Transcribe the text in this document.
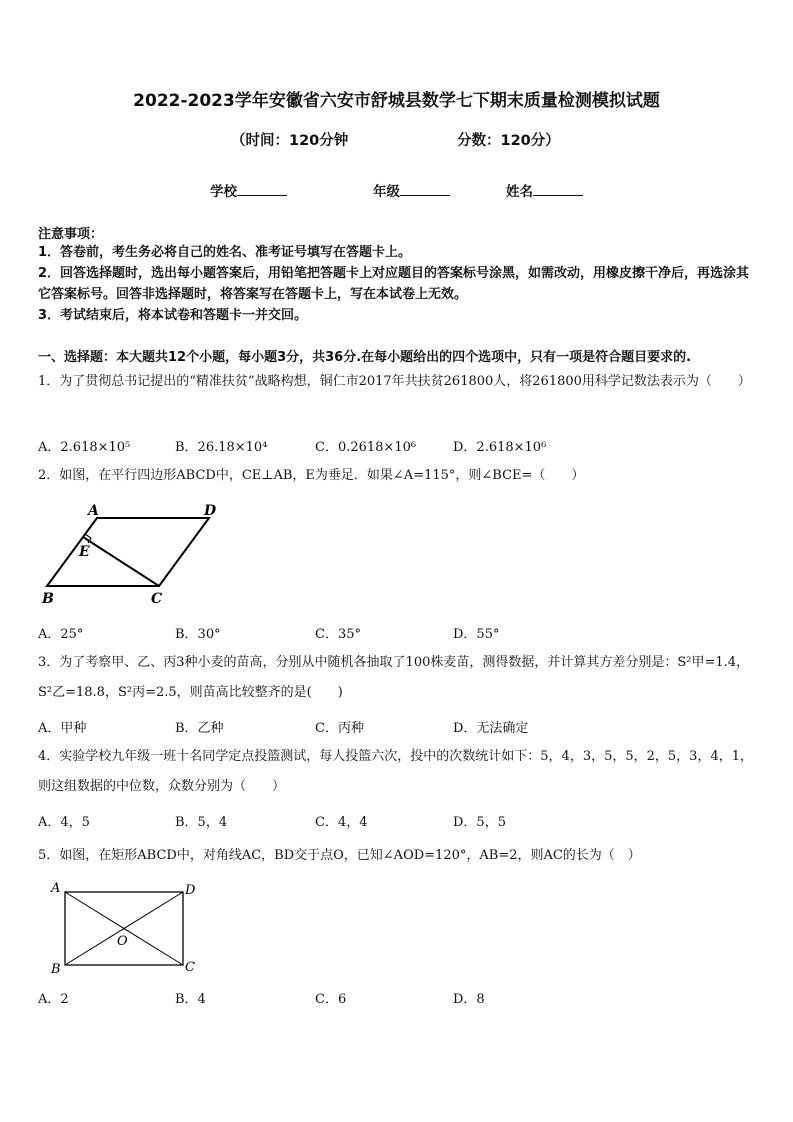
2022-2023学年安徽省六安市舒城县数学七下期末质量检测模拟试题
（时间：120分钟	分数：120分）
学校	年级	姓名
注意事项：
1．答卷前，考生务必将自己的姓名、准考证号填写在答题卡上。
2．回答选择题时，选出每小题答案后，用铅笔把答题卡上对应题目的答案标号涂黑，如需改动，用橡皮擦干净后，再选涂其它答案标号。回答非选择题时，将答案写在答题卡上，写在本试卷上无效。
3．考试结束后，将本试卷和答题卡一并交回。
一、选择题：本大题共12个小题，每小题3分，共36分.在每小题给出的四个选项中，只有一项是符合题目要求的.
1．为了贯彻总书记提出的“精准扶贫”战略构想，铜仁市2017年共扶贫261800人，将261800用科学记数法表示为（　　）
A．2.618×10⁵	B．26.18×10⁴	C．0.2618×10⁶	D．2.618×10⁶
2．如图，在平行四边形ABCD中，CE⊥AB，E为垂足．如果∠A=115°，则∠BCE=（　　）
A	D
E
B	C
A．25°	B．30°	C．35°	D．55°
3．为了考察甲、乙、丙3种小麦的苗高，分别从中随机各抽取了100株麦苗，测得数据，并计算其方差分别是：S²甲=1.4，S²乙=18.8，S²丙=2.5，则苗高比较整齐的是(　　)
A．甲种	B．乙种	C．丙种	D．无法确定
4．实验学校九年级一班十名同学定点投篮测试，每人投篮六次，投中的次数统计如下：5，4，3，5，5，2，5，3，4，1，则这组数据的中位数，众数分别为（　　）
A．4，5	B．5，4	C．4，4	D．5，5
5．如图，在矩形ABCD中，对角线AC，BD交于点O，已知∠AOD=120°，AB=2，则AC的长为（　）
A	D
B	C
O
A．2	B．4	C．6	D．8
